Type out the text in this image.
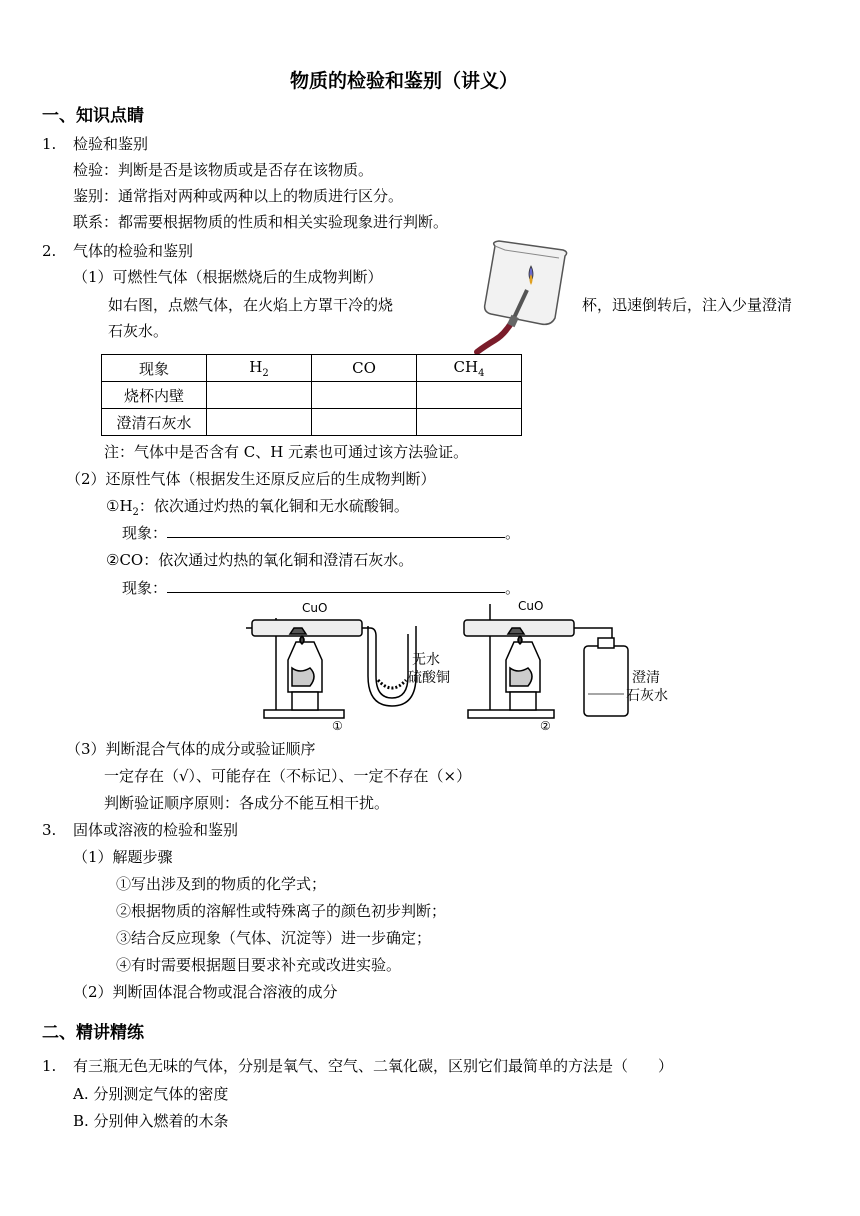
物质的检验和鉴别（讲义）
一、知识点睛
1. 检验和鉴别
检验：判断是否是该物质或是否存在该物质。
鉴别：通常指对两种或两种以上的物质进行区分。
联系：都需要根据物质的性质和相关实验现象进行判断。
2. 气体的检验和鉴别
（1）可燃性气体（根据燃烧后的生成物判断）
如右图，点燃气体，在火焰上方罩干冷的烧	杯，迅速倒转后，注入少量澄清
石灰水。
现象	$H_2$	CO	$CH_4$
烧杯内壁			
澄清石灰水			
注：气体中是否含有 C、H 元素也可通过该方法验证。
（2）还原性气体（根据发生还原反应后的生成物判断）
$①H_2$：依次通过灼热的氧化铜和无水硫酸铜。
现象：	。
②CO：依次通过灼热的氧化铜和澄清石灰水。
现象：	。
CuO
无水
硫酸铜
①
CuO
澄清
石灰水
②
（3）判断混合气体的成分或验证顺序
一定存在（√）、可能存在（不标记）、一定不存在（×）
判断验证顺序原则：各成分不能互相干扰。
3. 固体或溶液的检验和鉴别
（1）解题步骤
①写出涉及到的物质的化学式；
②根据物质的溶解性或特殊离子的颜色初步判断；
③结合反应现象（气体、沉淀等）进一步确定；
④有时需要根据题目要求补充或改进实验。
（2）判断固体混合物或混合溶液的成分
二、精讲精练
1. 有三瓶无色无味的气体，分别是氧气、空气、二氧化碳，区别它们最简单的方法是（　　）
A. 分别测定气体的密度
B. 分别伸入燃着的木条
